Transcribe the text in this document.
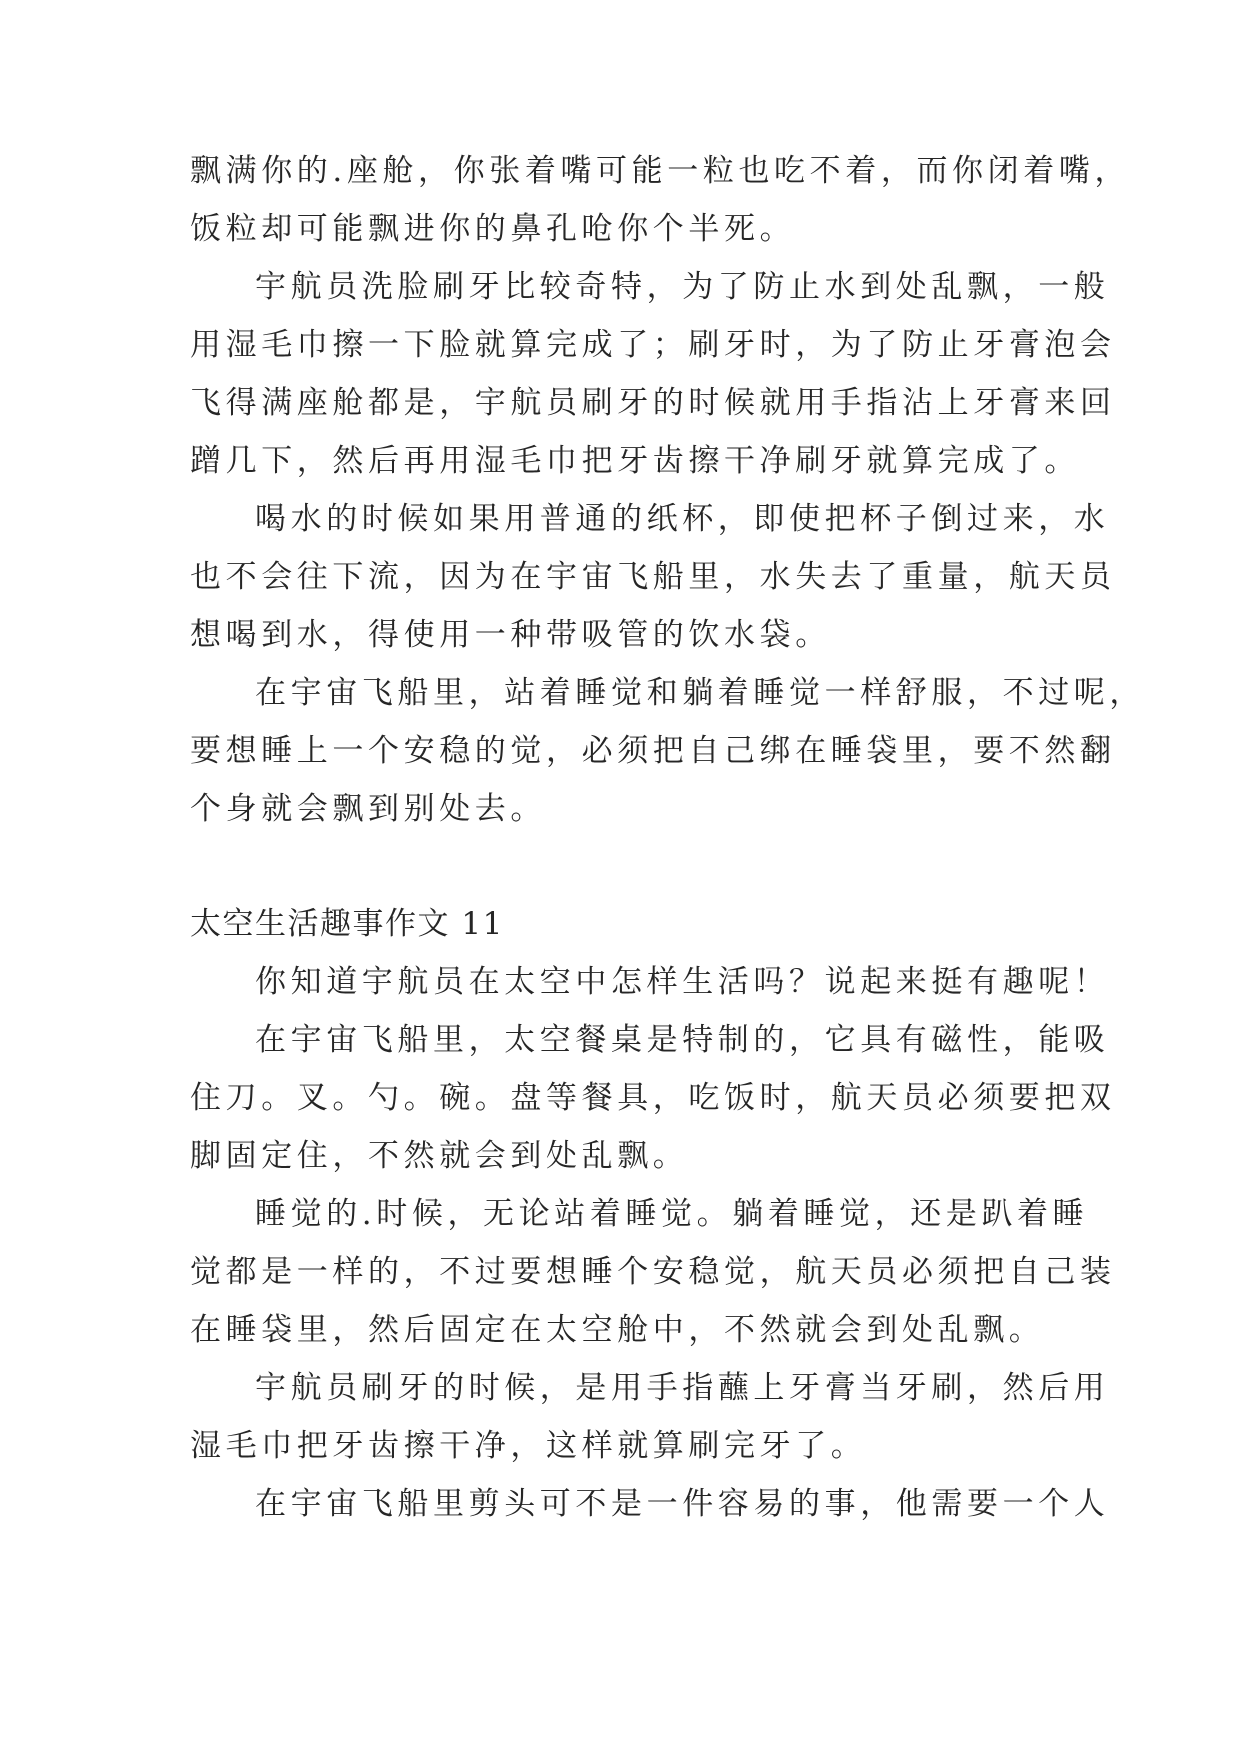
飘满你的.座舱，你张着嘴可能一粒也吃不着，而你闭着嘴，
饭粒却可能飘进你的鼻孔呛你个半死。
宇航员洗脸刷牙比较奇特，为了防止水到处乱飘，一般
用湿毛巾擦一下脸就算完成了；刷牙时，为了防止牙膏泡会
飞得满座舱都是，宇航员刷牙的时候就用手指沾上牙膏来回
蹭几下，然后再用湿毛巾把牙齿擦干净刷牙就算完成了。
喝水的时候如果用普通的纸杯，即使把杯子倒过来，水
也不会往下流，因为在宇宙飞船里，水失去了重量，航天员
想喝到水，得使用一种带吸管的饮水袋。
在宇宙飞船里，站着睡觉和躺着睡觉一样舒服，不过呢，
要想睡上一个安稳的觉，必须把自己绑在睡袋里，要不然翻
个身就会飘到别处去。
太空生活趣事作文 11
你知道宇航员在太空中怎样生活吗？说起来挺有趣呢！
在宇宙飞船里，太空餐桌是特制的，它具有磁性，能吸
住刀。叉。勺。碗。盘等餐具，吃饭时，航天员必须要把双
脚固定住，不然就会到处乱飘。
睡觉的.时候，无论站着睡觉。躺着睡觉，还是趴着睡
觉都是一样的，不过要想睡个安稳觉，航天员必须把自己装
在睡袋里，然后固定在太空舱中，不然就会到处乱飘。
宇航员刷牙的时候，是用手指蘸上牙膏当牙刷，然后用
湿毛巾把牙齿擦干净，这样就算刷完牙了。
在宇宙飞船里剪头可不是一件容易的事，他需要一个人
